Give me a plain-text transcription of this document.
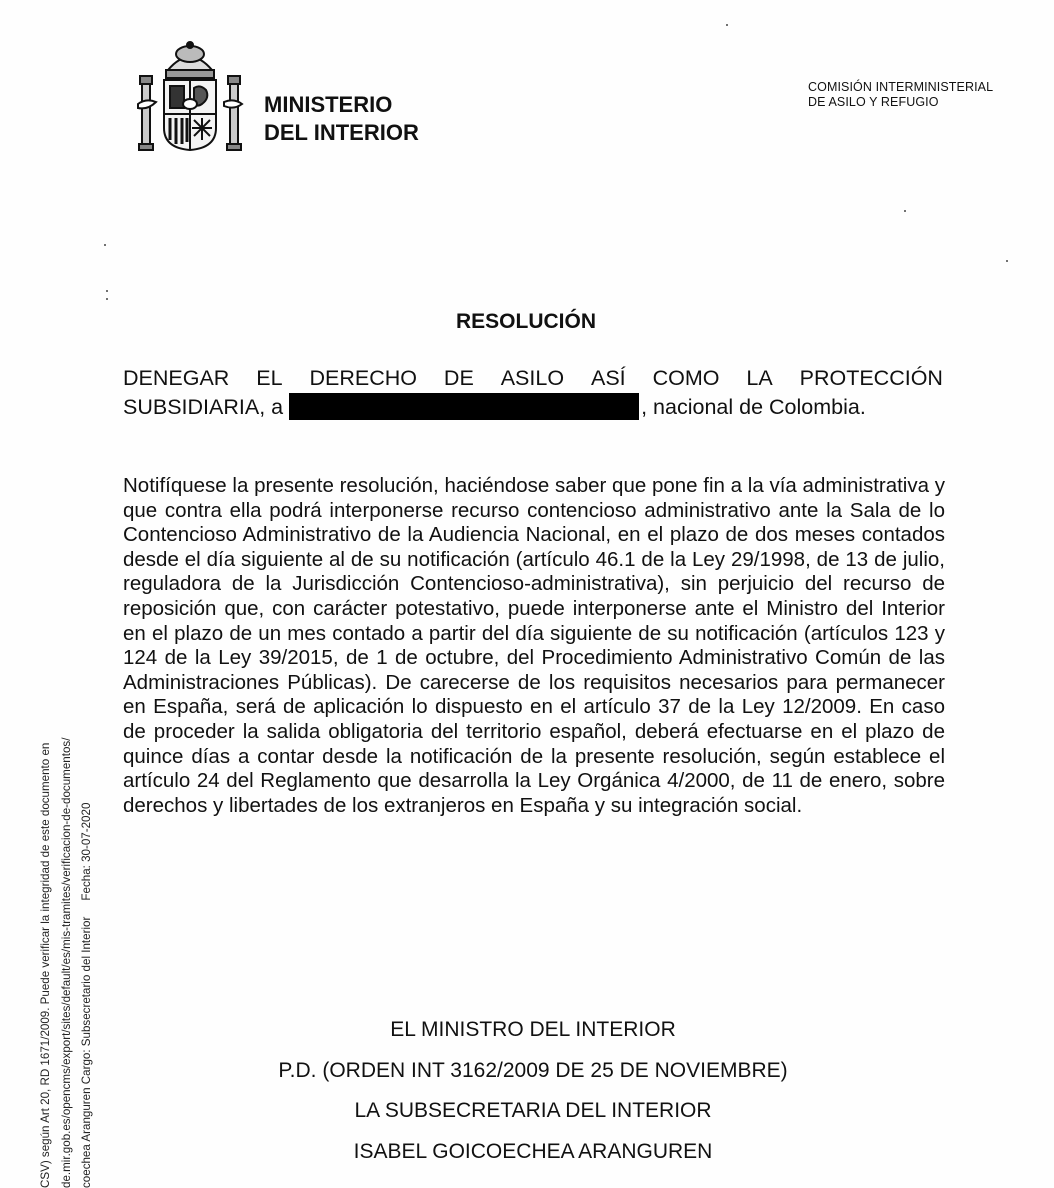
MINISTERIO
DEL INTERIOR
COMISIÓN INTERMINISTERIAL
DE ASILO Y REFUGIO
RESOLUCIÓN
DENEGAR EL DERECHO DE ASILO ASÍ COMO LA PROTECCIÓN
SUBSIDIARIA, a	, nacional de Colombia.
Notifíquese la presente resolución, haciéndose saber que pone fin a la vía administrativa y que contra ella podrá interponerse recurso contencioso administrativo ante la Sala de lo Contencioso Administrativo de la Audiencia Nacional, en el plazo de dos meses contados desde el día siguiente al de su notificación (artículo 46.1 de la Ley 29/1998, de 13 de julio, reguladora de la Jurisdicción Contencioso-administrativa), sin perjuicio del recurso de reposición que, con carácter potestativo, puede interponerse ante el Ministro del Interior en el plazo de un mes contado a partir del día siguiente de su notificación (artículos 123 y 124 de la Ley 39/2015, de 1 de octubre, del Procedimiento Administrativo Común de las Administraciones Públicas). De carecerse de los requisitos necesarios para permanecer en España, será de aplicación lo dispuesto en el artículo 37 de la Ley 12/2009. En caso de proceder la salida obligatoria del territorio español, deberá efectuarse en el plazo de quince días a contar desde la notificación de la presente resolución, según establece el artículo 24 del Reglamento que desarrolla la Ley Orgánica 4/2000, de 11 de enero, sobre derechos y libertades de los extranjeros en España y su integración social.
EL MINISTRO DEL INTERIOR
P.D. (ORDEN INT 3162/2009 DE 25 DE NOVIEMBRE)
LA SUBSECRETARIA DEL INTERIOR
ISABEL GOICOECHEA ARANGUREN
CSV) según Art 20, RD 1671/2009. Puede verificar la integridad de este documento en de.mir.gob.es/opencms/export/sites/default/es/mis-tramites/verificacion-de-documentos/ coechea Aranguren Cargo: Subsecretario del Interior     Fecha: 30-07-2020
